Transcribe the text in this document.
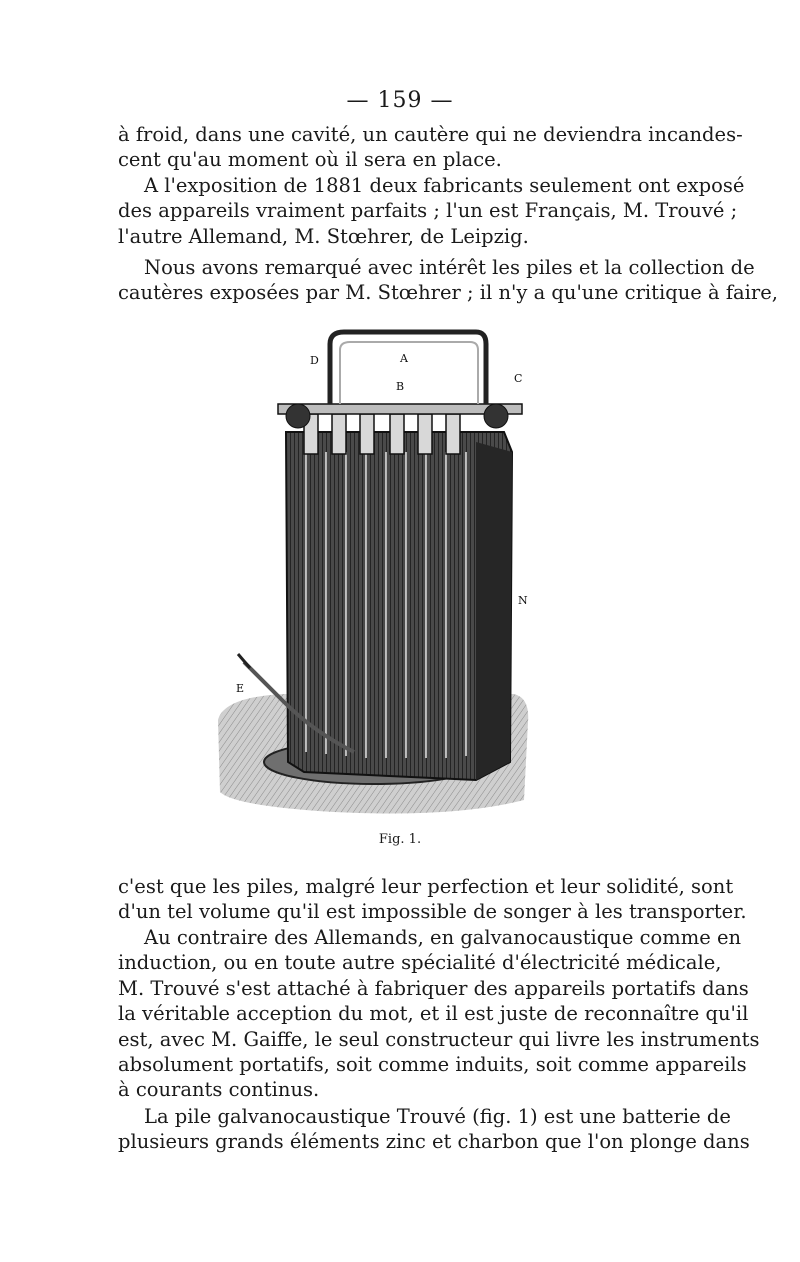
— 159 —

à froid, dans une cavité, un cautère qui ne deviendra incandes-
cent qu'au moment où il sera en place.

A l'exposition de 1881 deux fabricants seulement ont exposé
des appareils vraiment parfaits ; l'un est Français, M. Trouvé ;
l'autre Allemand, M. Stœhrer, de Leipzig.

Nous avons remarqué avec intérêt les piles et la collection de
cautères exposées par M. Stœhrer ; il n'y a qu'une critique à faire,

A
B
D
C
N
E
Fig. 1.

c'est que les piles, malgré leur perfection et leur solidité, sont
d'un tel volume qu'il est impossible de songer à les transporter.

Au contraire des Allemands, en galvanocaustique comme en
induction, ou en toute autre spécialité d'électricité médicale,
M. Trouvé s'est attaché à fabriquer des appareils portatifs dans
la véritable acception du mot, et il est juste de reconnaître qu'il
est, avec M. Gaiffe, le seul constructeur qui livre les instruments
absolument portatifs, soit comme induits, soit comme appareils
à courants continus.

La pile galvanocaustique Trouvé (fig. 1) est une batterie de
plusieurs grands éléments zinc et charbon que l'on plonge dans
